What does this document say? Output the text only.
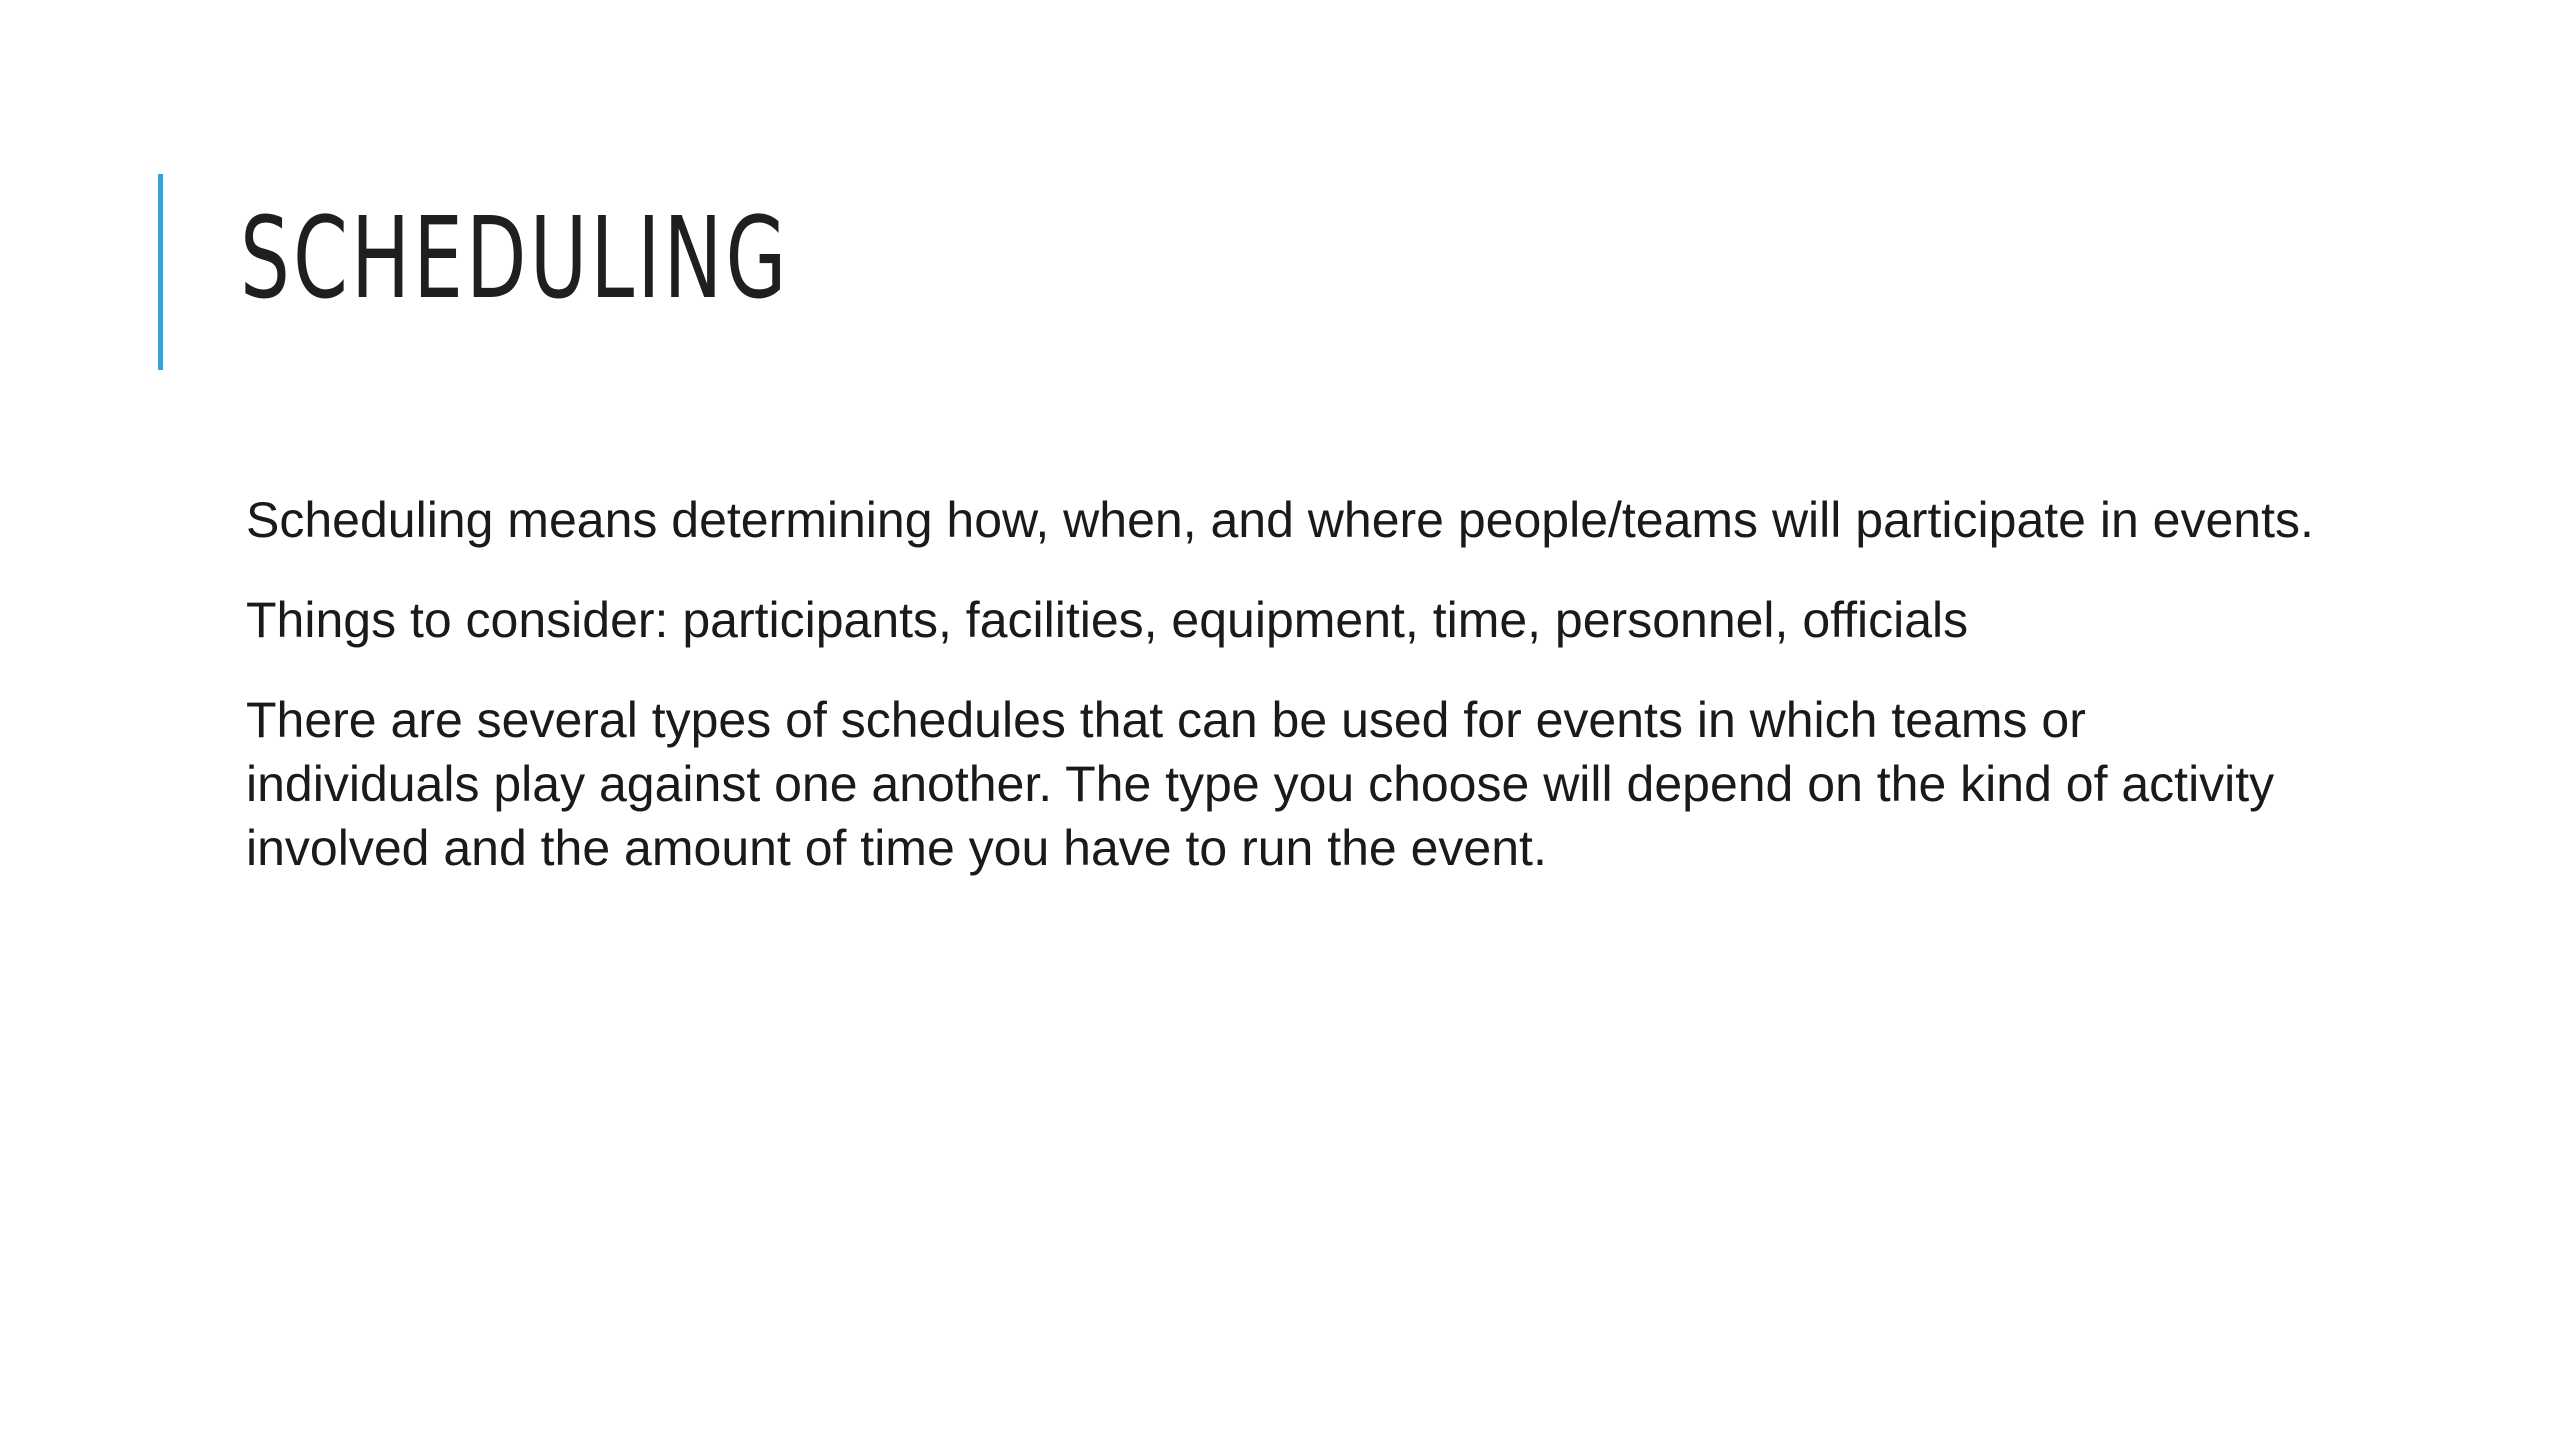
SCHEDULING

Scheduling means determining how, when, and where people/teams will participate in events.

Things to consider: participants, facilities, equipment, time, personnel, officials

There are several types of schedules that can be used for events in which teams or individuals play against one another. The type you choose will depend on the kind of activity involved and the amount of time you have to run the event.
